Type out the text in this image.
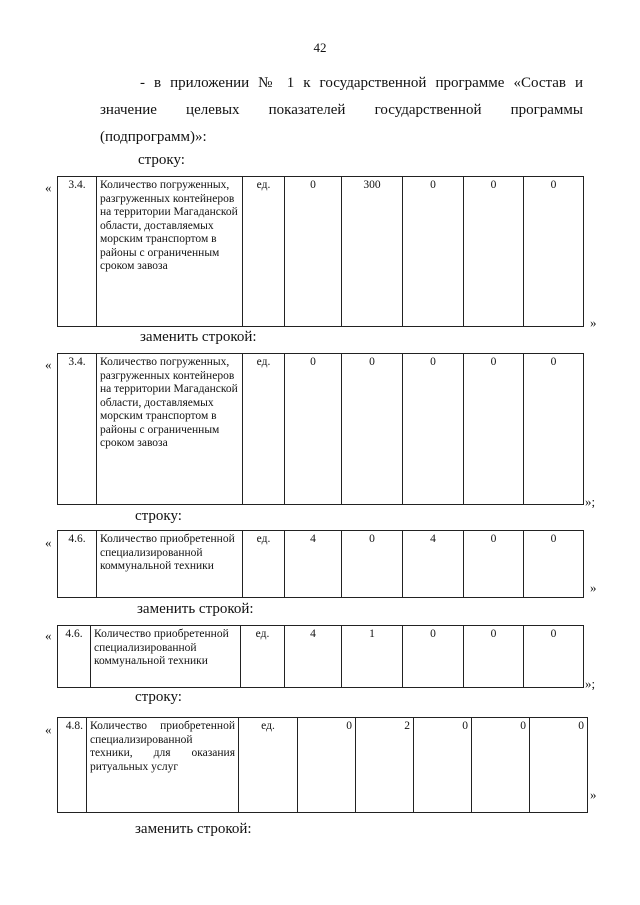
42
- в приложении № 1 к государственной программе «Состав и
значение целевых показателей государственной программы
(подпрограмм)»:
строку:
« 3.4.	Количество погруженных, разгруженных контейнеров на территории Магаданской области, доставляемых морским транспортом в районы с ограниченным сроком завоза	ед.	0	300	0	0	0
»
заменить строкой:
« 3.4.	Количество погруженных, разгруженных контейнеров на территории Магаданской области, доставляемых морским транспортом в районы с ограниченным сроком завоза	ед.	0	0	0	0	0
»;
строку:
« 4.6.	Количество приобретенной специализированной коммунальной техники	ед.	4	0	4	0	0
»
заменить строкой:
« 4.6.	Количество приобретенной специализированной коммунальной техники	ед.	4	1	0	0	0
»;
строку:
« 4.8.	Количество приобретенной специализированной техники, для оказания ритуальных услуг	ед.	0	2	0	0	0
»
заменить строкой:
